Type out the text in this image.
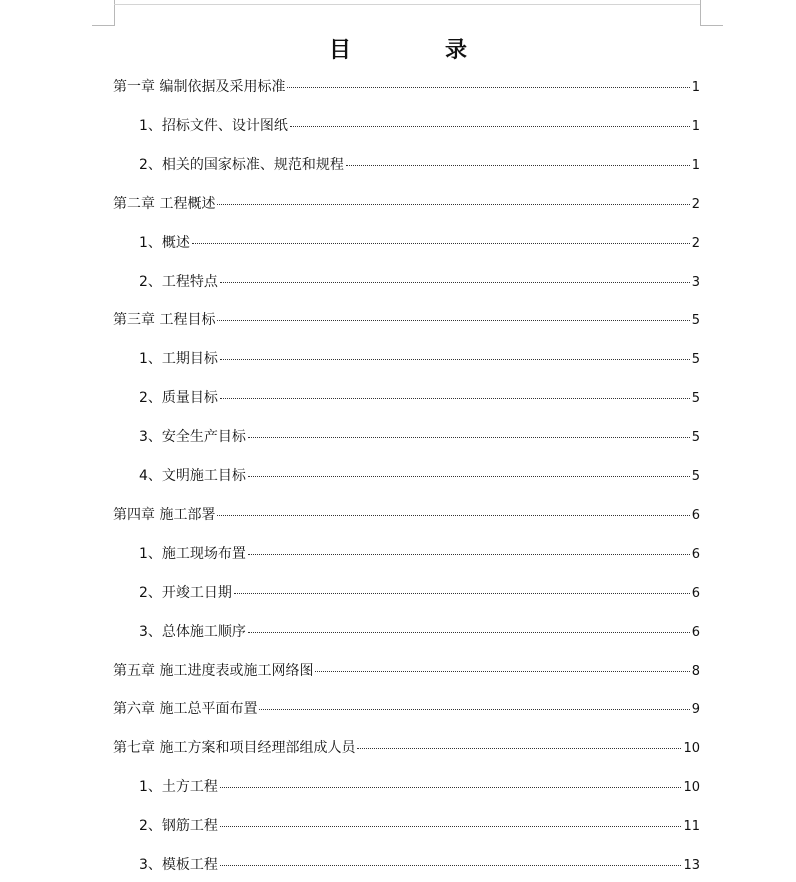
目　录
第一章 编制依据及采用标准	1
1、招标文件、设计图纸	1
2、相关的国家标准、规范和规程	1
第二章 工程概述	2
1、概述	2
2、工程特点	3
第三章 工程目标	5
1、工期目标	5
2、质量目标	5
3、安全生产目标	5
4、文明施工目标	5
第四章 施工部署	6
1、施工现场布置	6
2、开竣工日期	6
3、总体施工顺序	6
第五章 施工进度表或施工网络图	8
第六章 施工总平面布置	9
第七章 施工方案和项目经理部组成人员	10
1、土方工程	10
2、钢筋工程	11
3、模板工程	13
